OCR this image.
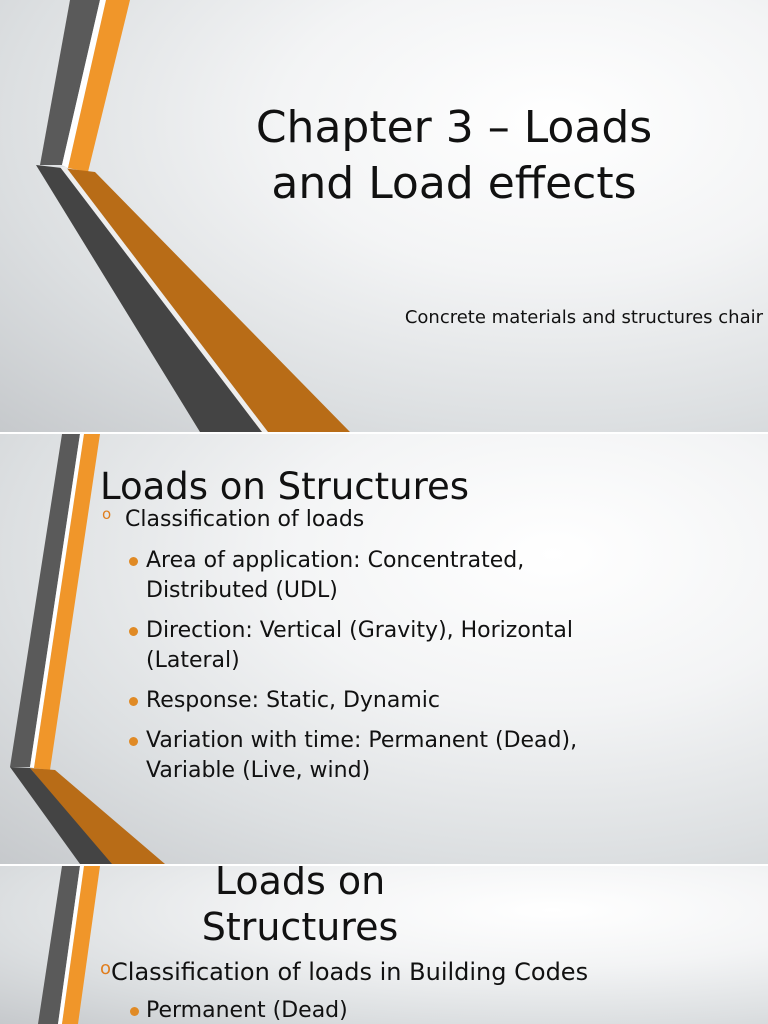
Chapter 3 – Loads
and Load effects
Concrete materials and structures chair
Loads on Structures
o Classification of loads
Area of application: Concentrated,
Distributed (UDL)
Direction: Vertical (Gravity), Horizontal
(Lateral)
Response: Static, Dynamic
Variation with time: Permanent (Dead),
Variable (Live, wind)
Loads on
Structures
$^o$Classification of loads in Building Codes
Permanent (Dead)
